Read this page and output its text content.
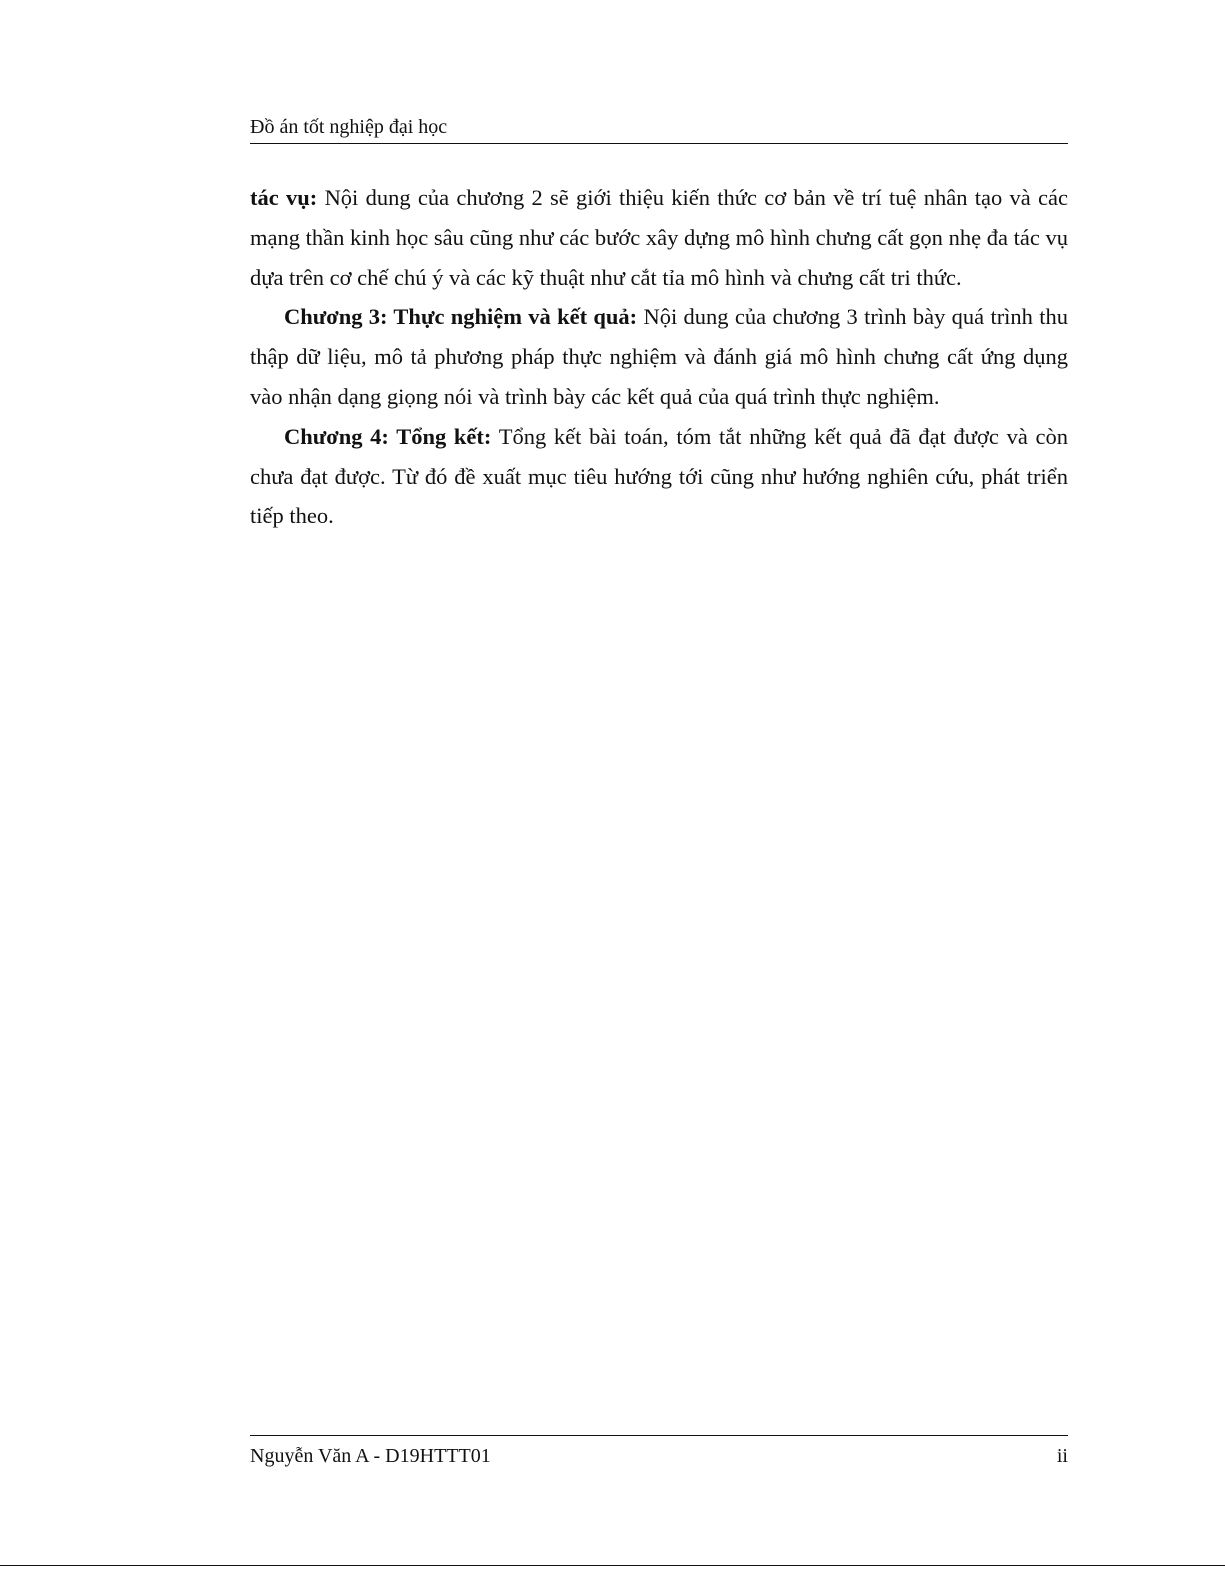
Đồ án tốt nghiệp đại học

tác vụ: Nội dung của chương 2 sẽ giới thiệu kiến thức cơ bản về trí tuệ nhân tạo và các mạng thần kinh học sâu cũng như các bước xây dựng mô hình chưng cất gọn nhẹ đa tác vụ dựa trên cơ chế chú ý và các kỹ thuật như cắt tỉa mô hình và chưng cất tri thức.

Chương 3: Thực nghiệm và kết quả: Nội dung của chương 3 trình bày quá trình thu thập dữ liệu, mô tả phương pháp thực nghiệm và đánh giá mô hình chưng cất ứng dụng vào nhận dạng giọng nói và trình bày các kết quả của quá trình thực nghiệm.

Chương 4: Tổng kết: Tổng kết bài toán, tóm tắt những kết quả đã đạt được và còn chưa đạt được. Từ đó đề xuất mục tiêu hướng tới cũng như hướng nghiên cứu, phát triển tiếp theo.

Nguyễn Văn A - D19HTTT01	ii
